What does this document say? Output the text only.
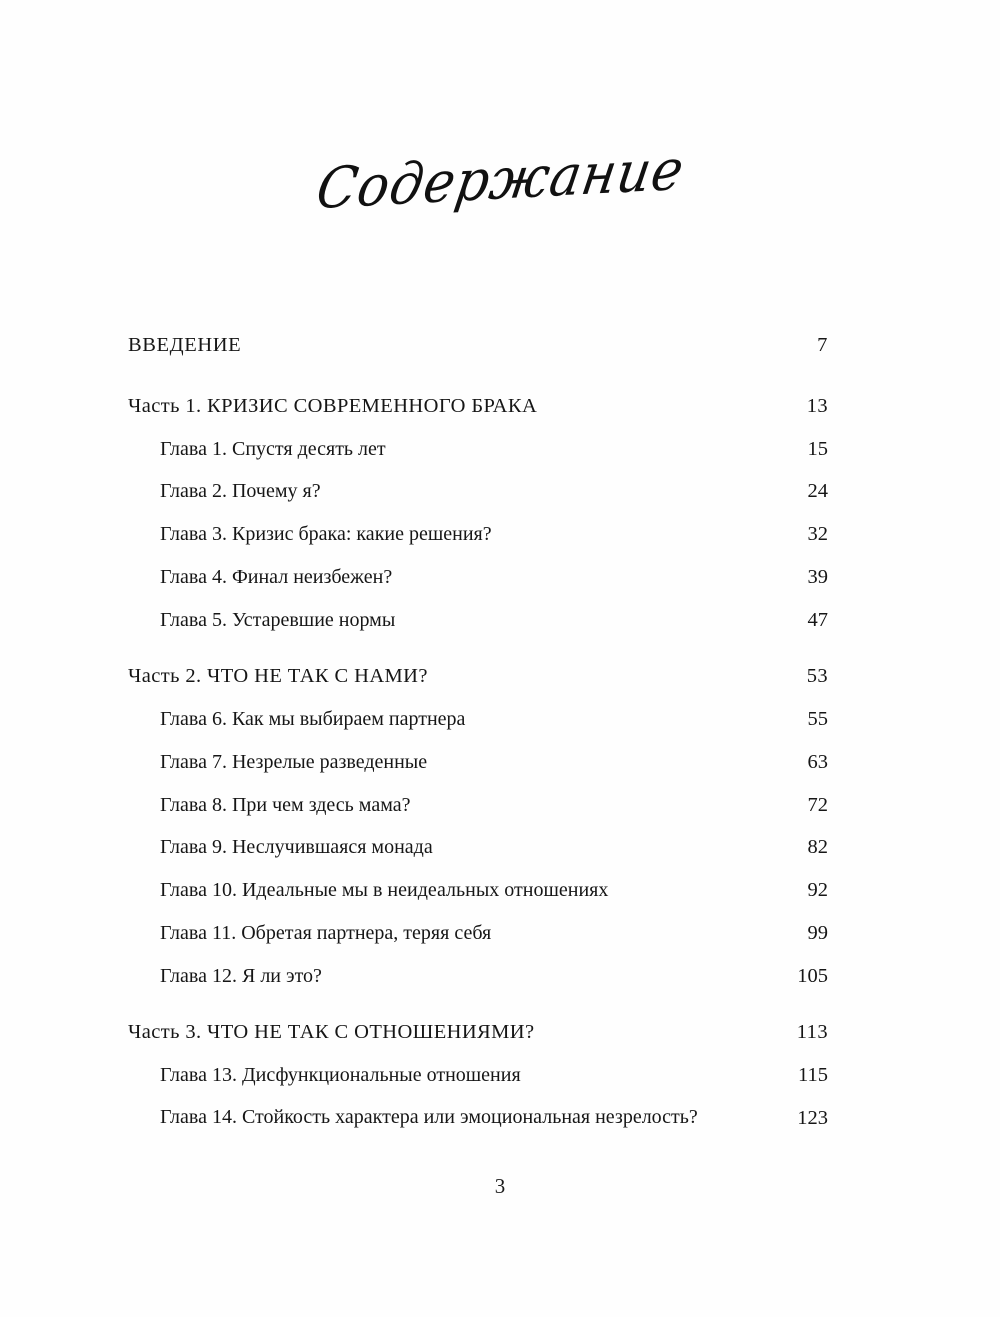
Содержание
ВВЕДЕНИЕ	7
Часть 1. КРИЗИС СОВРЕМЕННОГО БРАКА	13
Глава 1. Спустя десять лет	15
Глава 2. Почему я?	24
Глава 3. Кризис брака: какие решения?	32
Глава 4. Финал неизбежен?	39
Глава 5. Устаревшие нормы	47
Часть 2. ЧТО НЕ ТАК С НАМИ?	53
Глава 6. Как мы выбираем партнера	55
Глава 7. Незрелые разведенные	63
Глава 8. При чем здесь мама?	72
Глава 9. Неслучившаяся монада	82
Глава 10. Идеальные мы в неидеальных отношениях	92
Глава 11. Обретая партнера, теряя себя	99
Глава 12. Я ли это?	105
Часть 3. ЧТО НЕ ТАК С ОТНОШЕНИЯМИ?	113
Глава 13. Дисфункциональные отношения	115
Глава 14. Стойкость характера или эмоциональная незрелость?	123
3
